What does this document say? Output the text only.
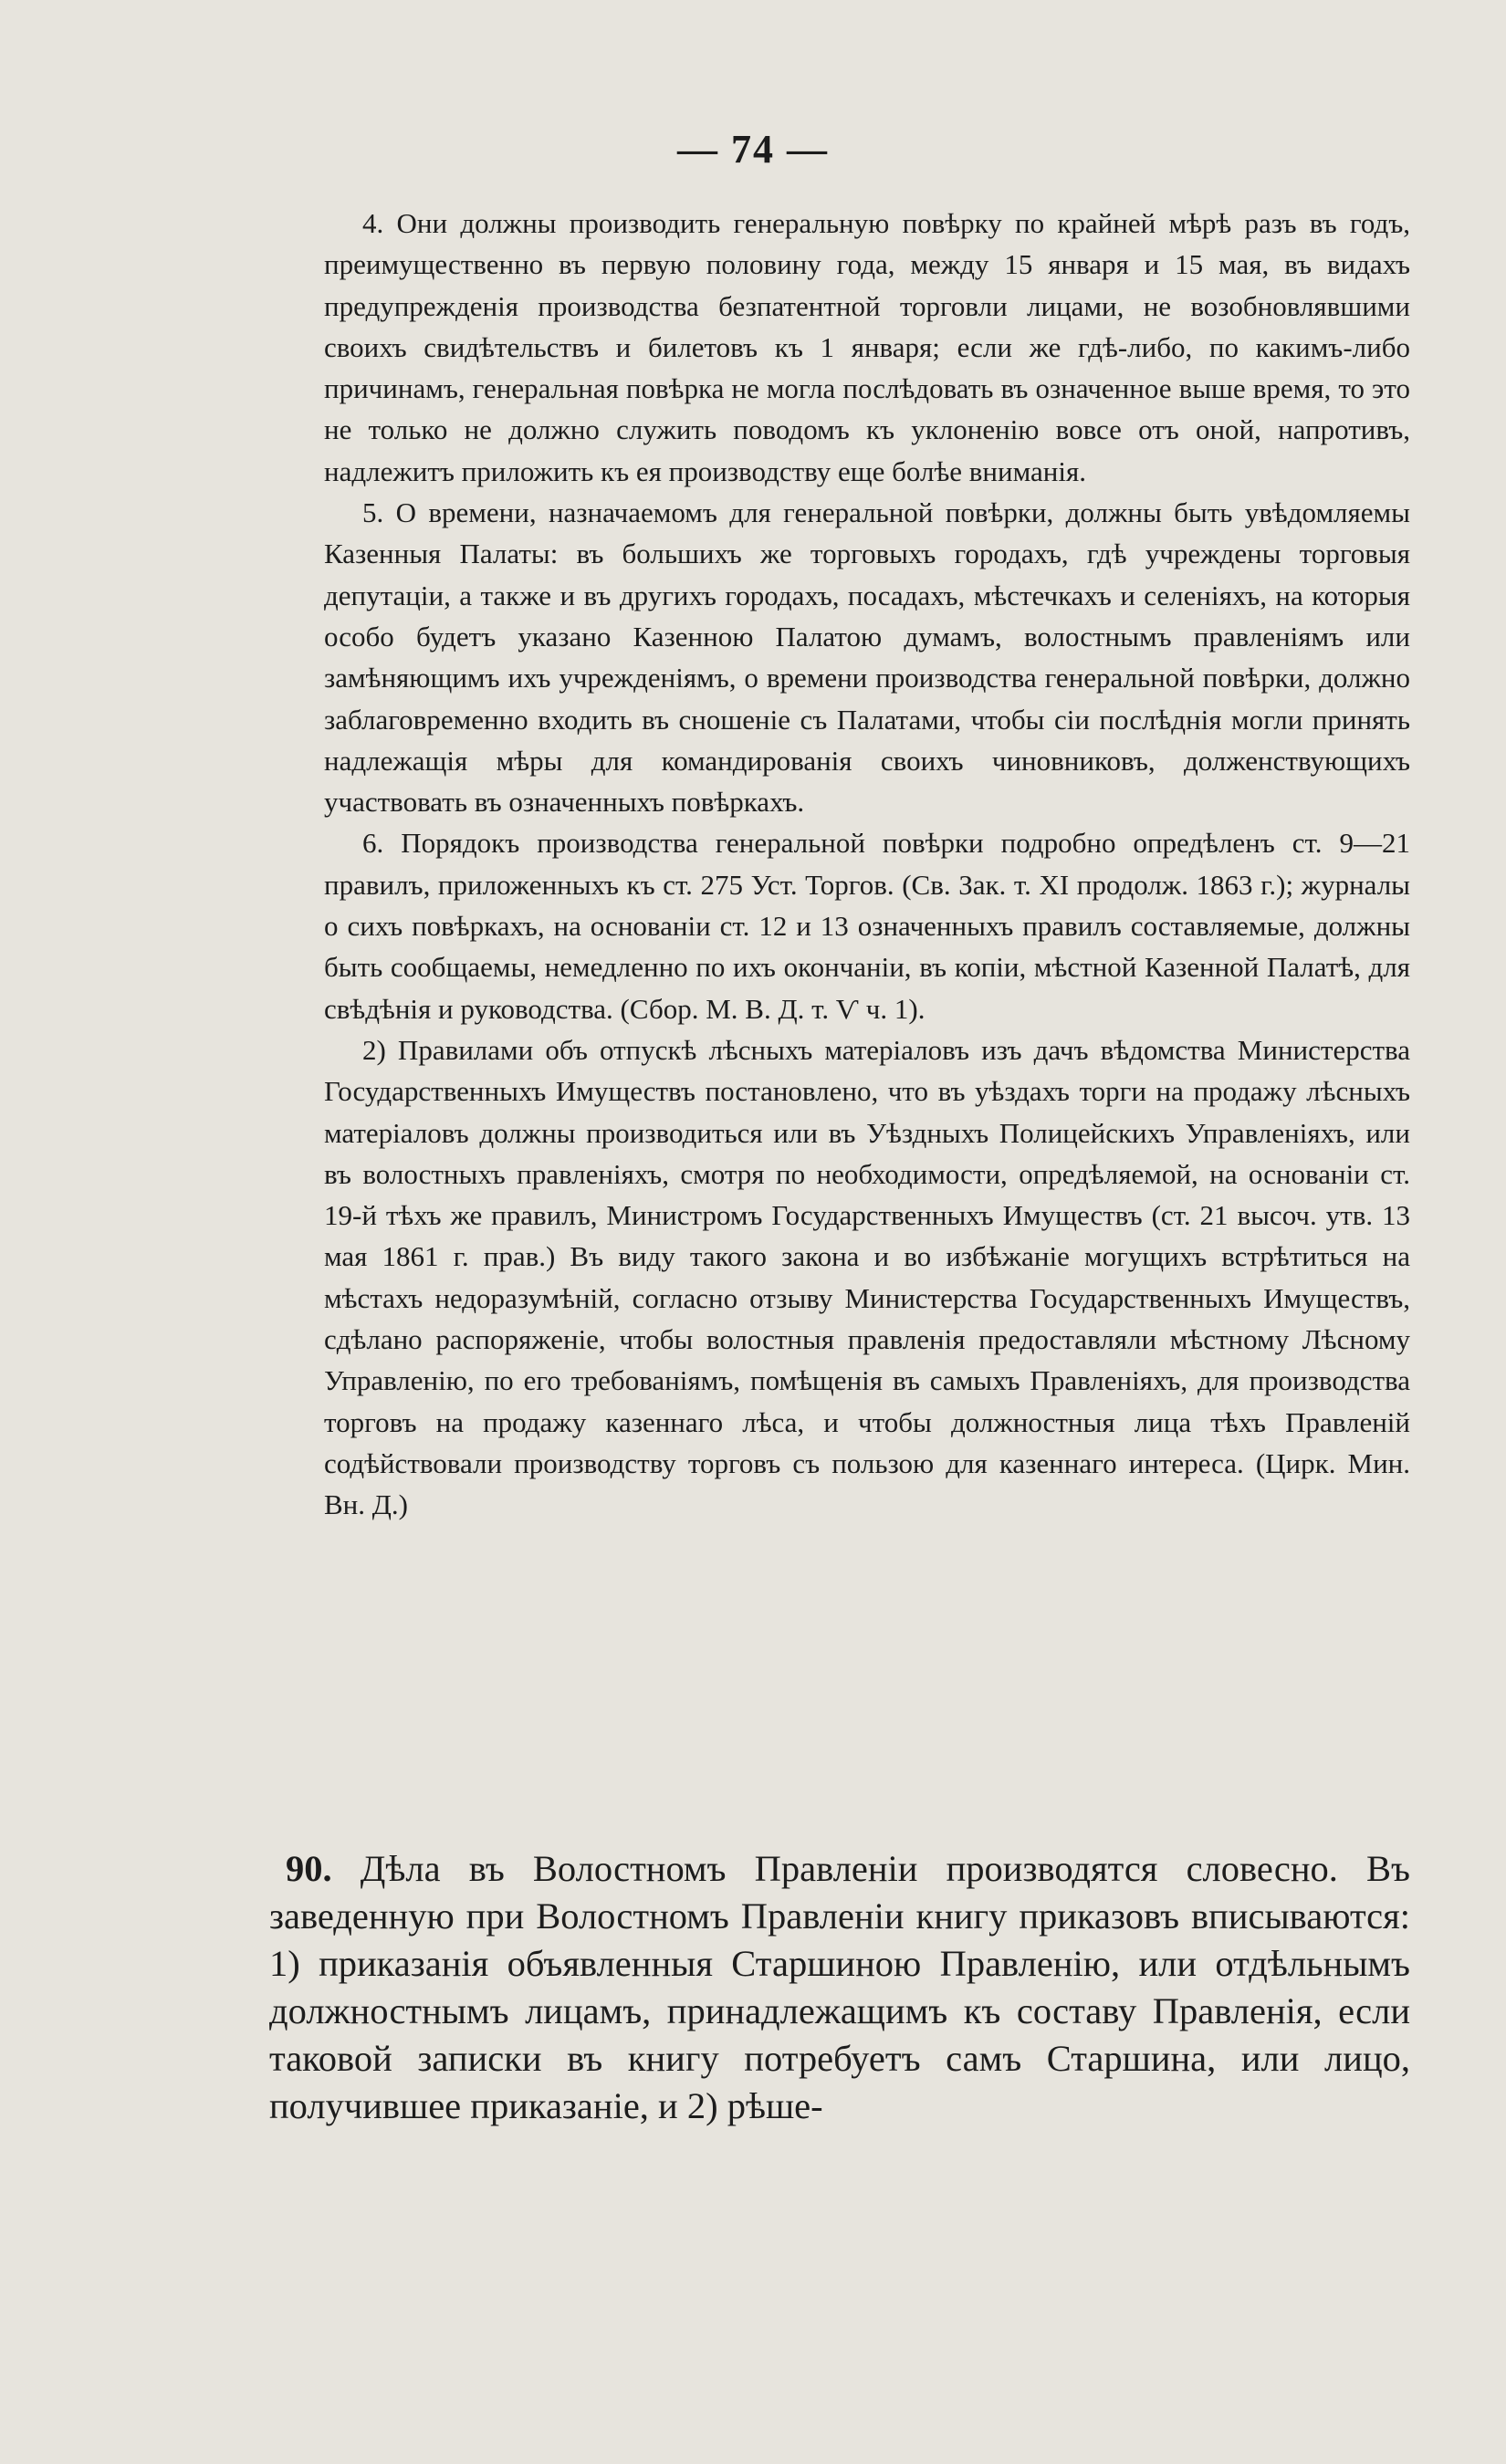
— 74 —

4. Они должны производить генеральную повѣрку по крайней мѣрѣ разъ въ годъ, преимущественно въ первую половину года, между 15 января и 15 мая, въ видахъ предупрежденія производства безпатентной торговли лицами, не возобновлявшими своихъ свидѣтельствъ и билетовъ къ 1 января; если же гдѣ-либо, по какимъ-либо причинамъ, генеральная повѣрка не могла послѣдовать въ означенное выше время, то это не только не должно служить поводомъ къ уклоненію вовсе отъ оной, напротивъ, надлежитъ приложить къ ея производству еще болѣе вниманія.

5. О времени, назначаемомъ для генеральной повѣрки, должны быть увѣдомляемы Казенныя Палаты: въ большихъ же торговыхъ городахъ, гдѣ учреждены торговыя депутаціи, а также и въ другихъ городахъ, посадахъ, мѣстечкахъ и селеніяхъ, на которыя особо будетъ указано Казенною Палатою думамъ, волостнымъ правленіямъ или замѣняющимъ ихъ учрежденіямъ, о времени производства генеральной повѣрки, должно заблаговременно входить въ сношеніе съ Палатами, чтобы сіи послѣднія могли принять надлежащія мѣры для командированія своихъ чиновниковъ, долженствующихъ участвовать въ означенныхъ повѣркахъ.

6. Порядокъ производства генеральной повѣрки подробно опредѣленъ ст. 9—21 правилъ, приложенныхъ къ ст. 275 Уст. Торгов. (Св. Зак. т. XI продолж. 1863 г.); журналы о сихъ повѣркахъ, на основаніи ст. 12 и 13 означенныхъ правилъ составляемые, должны быть сообщаемы, немедленно по ихъ окончаніи, въ копіи, мѣстной Казенной Палатѣ, для свѣдѣнія и руководства. (Сбор. М. В. Д. т. Ѵ ч. 1).

2) Правилами объ отпускѣ лѣсныхъ матеріаловъ изъ дачъ вѣдомства Министерства Государственныхъ Имуществъ постановлено, что въ уѣздахъ торги на продажу лѣсныхъ матеріаловъ должны производиться или въ Уѣздныхъ Полицейскихъ Управленіяхъ, или въ волостныхъ правленіяхъ, смотря по необходимости, опредѣляемой, на основаніи ст. 19-й тѣхъ же правилъ, Министромъ Государственныхъ Имуществъ (ст. 21 высоч. утв. 13 мая 1861 г. прав.) Въ виду такого закона и во избѣжаніе могущихъ встрѣтиться на мѣстахъ недоразумѣній, согласно отзыву Министерства Государственныхъ Имуществъ, сдѣлано распоряженіе, чтобы волостныя правленія предоставляли мѣстному Лѣсному Управленію, по его требованіямъ, помѣщенія въ самыхъ Правленіяхъ, для производства торговъ на продажу казеннаго лѣса, и чтобы должностныя лица тѣхъ Правленій содѣйствовали производству торговъ съ пользою для казеннаго интереса. (Цирк. Мин. Вн. Д.)

90. Дѣла въ Волостномъ Правленіи производятся словесно. Въ заведенную при Волостномъ Правленіи книгу приказовъ вписываются: 1) приказанія объявленныя Старшиною Правленію, или отдѣльнымъ должностнымъ лицамъ, принадлежащимъ къ составу Правленія, если таковой записки въ книгу потребуетъ самъ Старшина, или лицо, получившее приказаніе, и 2) рѣше-
